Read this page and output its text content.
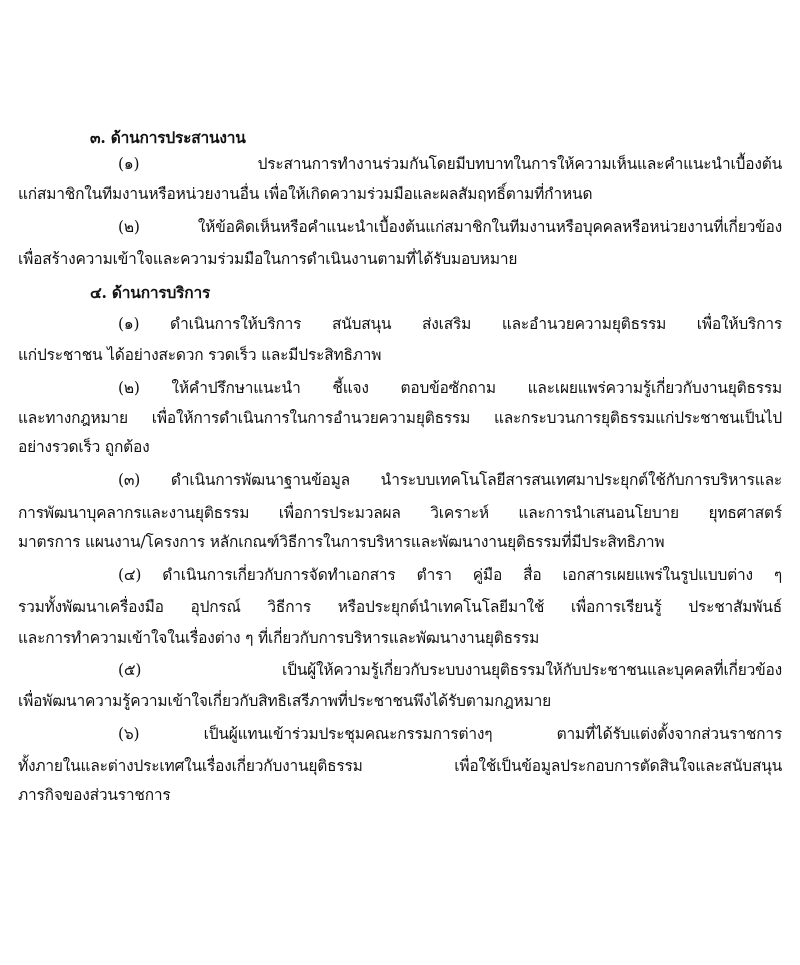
๓. ด้านการประสานงาน
(๑) ประสานการทำงานร่วมกันโดยมีบทบาทในการให้ความเห็นและคำแนะนำเบื้องต้น
แก่สมาชิกในทีมงานหรือหน่วยงานอื่น เพื่อให้เกิดความร่วมมือและผลสัมฤทธิ์ตามที่กำหนด
(๒) ให้ข้อคิดเห็นหรือคำแนะนำเบื้องต้นแก่สมาชิกในทีมงานหรือบุคคลหรือหน่วยงานที่เกี่ยวข้อง
เพื่อสร้างความเข้าใจและความร่วมมือในการดำเนินงานตามที่ได้รับมอบหมาย
๔. ด้านการบริการ
(๑) ดำเนินการให้บริการ สนับสนุน ส่งเสริม และอำนวยความยุติธรรม เพื่อให้บริการ
แก่ประชาชน ได้อย่างสะดวก รวดเร็ว และมีประสิทธิภาพ
(๒) ให้คำปรึกษาแนะนำ ชี้แจง ตอบข้อซักถาม และเผยแพร่ความรู้เกี่ยวกับงานยุติธรรม
และทางกฎหมาย เพื่อให้การดำเนินการในการอำนวยความยุติธรรม และกระบวนการยุติธรรมแก่ประชาชนเป็นไป
อย่างรวดเร็ว ถูกต้อง
(๓) ดำเนินการพัฒนาฐานข้อมูล นำระบบเทคโนโลยีสารสนเทศมาประยุกต์ใช้กับการบริหารและ
การพัฒนาบุคลากรและงานยุติธรรม เพื่อการประมวลผล วิเคราะห์ และการนำเสนอนโยบาย ยุทธศาสตร์
มาตรการ แผนงาน/โครงการ หลักเกณฑ์วิธีการในการบริหารและพัฒนางานยุติธรรมที่มีประสิทธิภาพ
(๔) ดำเนินการเกี่ยวกับการจัดทำเอกสาร ตำรา คู่มือ สื่อ เอกสารเผยแพร่ในรูปแบบต่าง ๆ
รวมทั้งพัฒนาเครื่องมือ อุปกรณ์ วิธีการ หรือประยุกต์นำเทคโนโลยีมาใช้ เพื่อการเรียนรู้ ประชาสัมพันธ์
และการทำความเข้าใจในเรื่องต่าง ๆ ที่เกี่ยวกับการบริหารและพัฒนางานยุติธรรม
(๕) เป็นผู้ให้ความรู้เกี่ยวกับระบบงานยุติธรรมให้กับประชาชนและบุคคลที่เกี่ยวข้อง
เพื่อพัฒนาความรู้ความเข้าใจเกี่ยวกับสิทธิเสรีภาพที่ประชาชนพึงได้รับตามกฎหมาย
(๖) เป็นผู้แทนเข้าร่วมประชุมคณะกรรมการต่างๆ ตามที่ได้รับแต่งตั้งจากส่วนราชการ
ทั้งภายในและต่างประเทศในเรื่องเกี่ยวกับงานยุติธรรม เพื่อใช้เป็นข้อมูลประกอบการตัดสินใจและสนับสนุน
ภารกิจของส่วนราชการ
